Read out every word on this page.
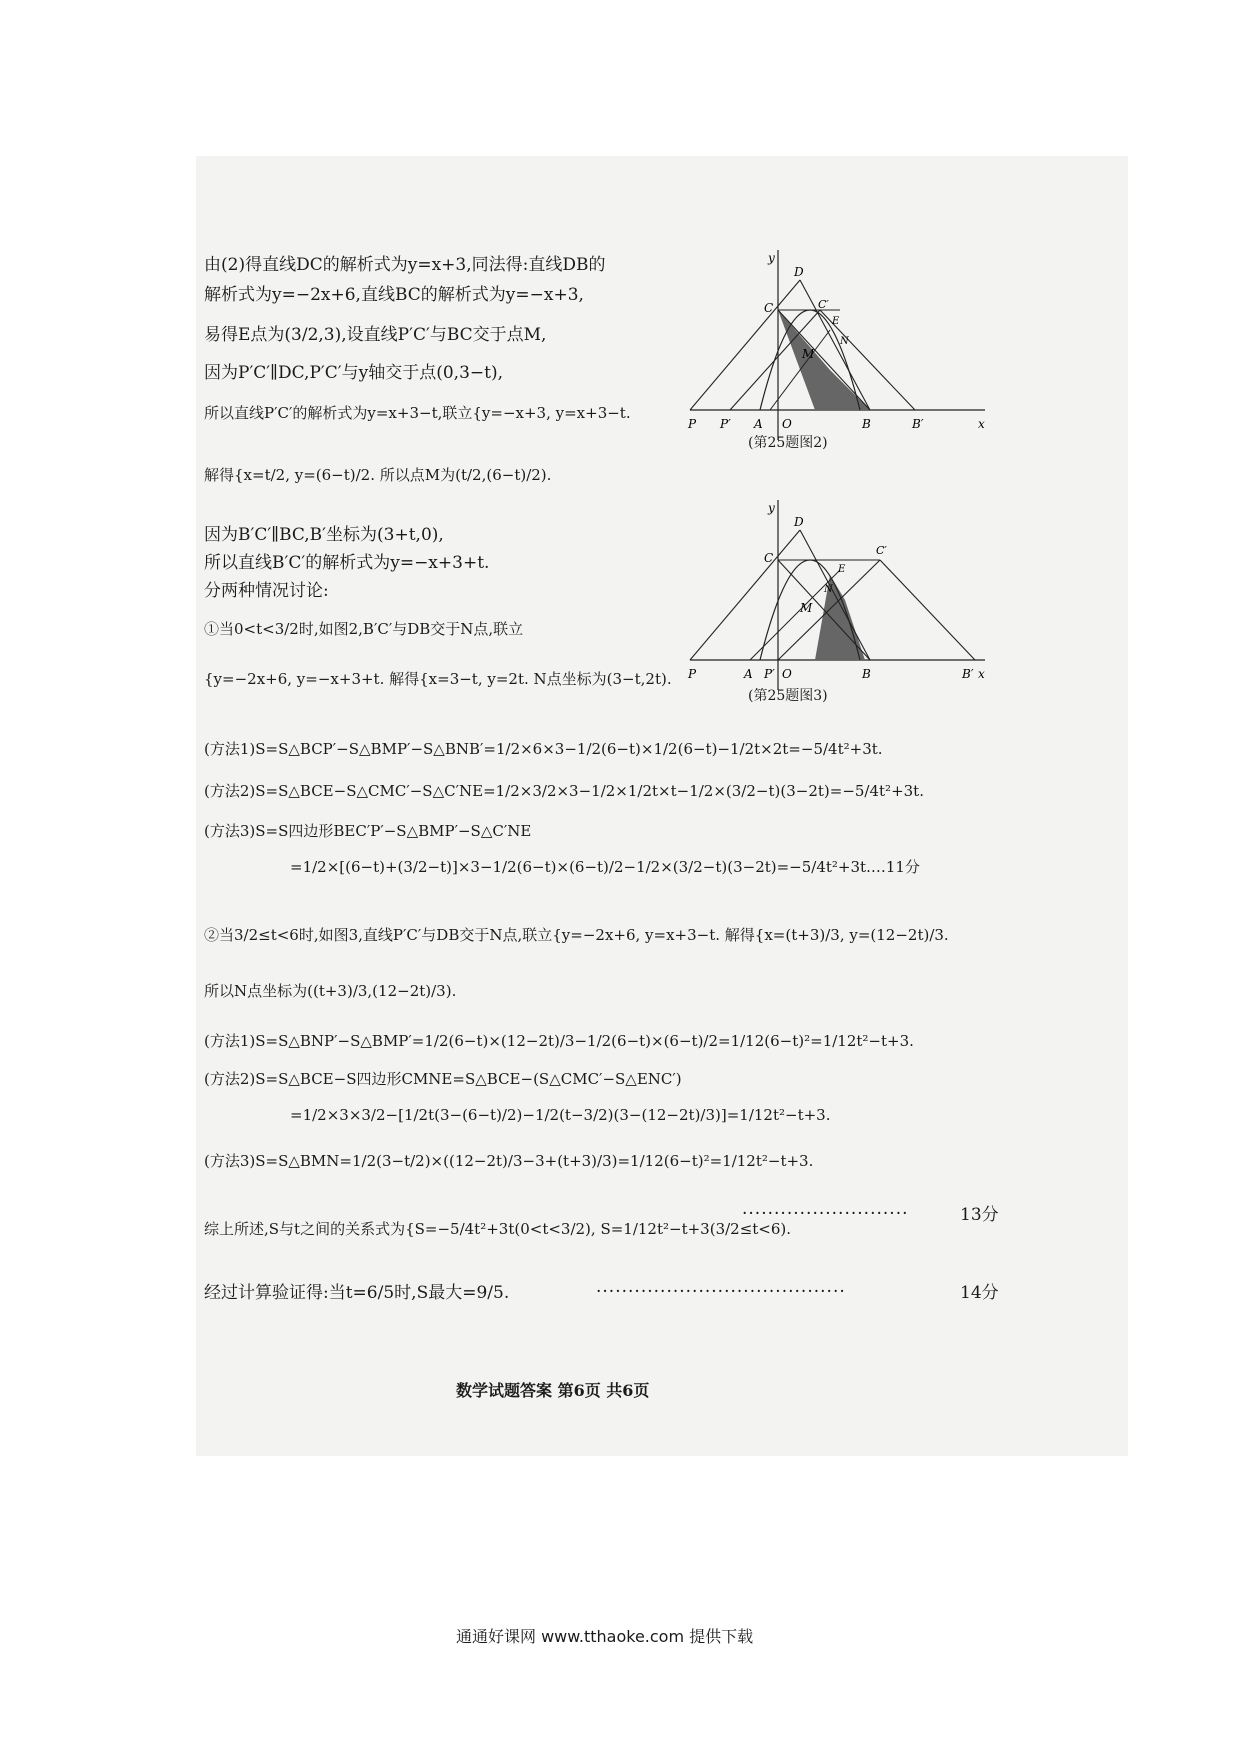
x
y
D
C	C′
E
M
N
P P′ A O	B	B′
(第25题图2)
x
y
D
C
C′
E
M
N
P	A P′ O	B	B′
(第25题图3)
由(2)得直线DC的解析式为y=x+3,同法得:直线DB的
解析式为y=−2x+6,直线BC的解析式为y=−x+3,
易得E点为(3/2,3),设直线P′C′与BC交于点M,
因为P′C′∥DC,P′C′与y轴交于点(0,3−t),
所以直线P′C′的解析式为y=x+3−t,联立{y=−x+3, y=x+3−t.
解得{x=t/2, y=(6−t)/2. 所以点M为(t/2,(6−t)/2).
因为B′C′∥BC,B′坐标为(3+t,0),
所以直线B′C′的解析式为y=−x+3+t.
分两种情况讨论:
①当0<t<3/2时,如图2,B′C′与DB交于N点,联立
{y=−2x+6, y=−x+3+t. 解得{x=3−t, y=2t. N点坐标为(3−t,2t).
(方法1)S=S△BCP′−S△BMP′−S△BNB′=1/2×6×3−1/2(6−t)×1/2(6−t)−1/2t×2t=−5/4t²+3t.
(方法2)S=S△BCE−S△CMC′−S△C′NE=1/2×3/2×3−1/2×1/2t×t−1/2×(3/2−t)(3−2t)=−5/4t²+3t.
(方法3)S=S四边形BEC′P′−S△BMP′−S△C′NE
=1/2×[(6−t)+(3/2−t)]×3−1/2(6−t)×(6−t)/2−1/2×(3/2−t)(3−2t)=−5/4t²+3t.…11分
②当3/2≤t<6时,如图3,直线P′C′与DB交于N点,联立{y=−2x+6, y=x+3−t. 解得{x=(t+3)/3, y=(12−2t)/3.
所以N点坐标为((t+3)/3,(12−2t)/3).
(方法1)S=S△BNP′−S△BMP′=1/2(6−t)×(12−2t)/3−1/2(6−t)×(6−t)/2=1/12(6−t)²=1/12t²−t+3.
(方法2)S=S△BCE−S四边形CMNE=S△BCE−(S△CMC′−S△ENC′)
=1/2×3×3/2−[1/2t(3−(6−t)/2)−1/2(t−3/2)(3−(12−2t)/3)]=1/12t²−t+3.
(方法3)S=S△BMN=1/2(3−t/2)×((12−2t)/3−3+(t+3)/3)=1/12(6−t)²=1/12t²−t+3.
综上所述,S与t之间的关系式为{S=−5/4t²+3t(0<t<3/2), S=1/12t²−t+3(3/2≤t<6).
··························	13分
经过计算验证得:当t=6/5时,S最大=9/5.	·······································	14分
数学试题答案 第6页 共6页
通通好课网 www.tthaoke.com 提供下载
